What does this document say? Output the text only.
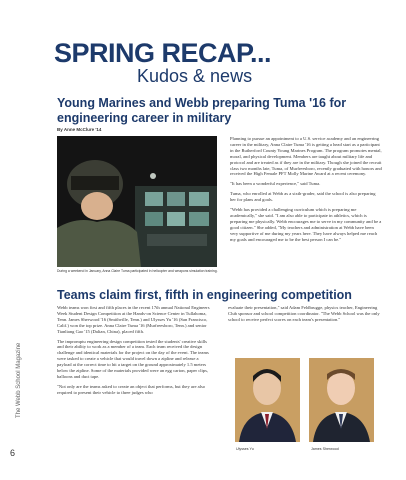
SPRING RECAP...
Kudos & news
Young Marines and Webb preparing Tuma '16 for engineering career in military
By Anne McClure '14
During a weekend in January, Anna Claire Tuma participated in helicopter and weapons simulation training.

Planning to pursue an appointment to a U.S. service academy and an engineering career in the military, Anna Claire Tuma '16 is getting a head start as a participant in the Rutherford County Young Marines Program. The program promotes mental, moral, and physical development. Members are taught about military life and protocol and are treated as if they are in the military. Though she joined the recruit class two months late, Tuma, of Murfreesboro, recently graduated with honors and received the High Female PFT Molly Marine Award at a recent ceremony.

"It has been a wonderful experience," said Tuma.

Tuma, who enrolled at Webb as a sixth-grader, said the school is also preparing her for plans and goals.

"Webb has provided a challenging curriculum which is preparing me academically," she said. "I am also able to participate in athletics, which is preparing me physically. Webb encourages me to serve in my community and be a good citizen." She added, "My teachers and administration at Webb have been very supportive of me during my years here. They have always helped me reach my goals and encouraged me to be the best person I can be."

Teams claim first, fifth in engineering competition

Webb teams won first and fifth places in the recent 17th annual National Engineers Week Student Design Competition at the Hands-on Science Center in Tullahoma, Tenn. James Sherwood '16 (Smithville, Tenn.) and Ulysses Yu '16 (San Francisco, Calif.) won the top prize. Anna Claire Tuma '16 (Murfreesboro, Tenn.) and senior Tianliang Gao '15 (Dalian, China), placed fifth.

The impromptu engineering design competition tested the students' creative skills and their ability to work as a member of a team. Each team received the design challenge and identical materials for the project on the day of the event. The teams were tasked to create a vehicle that would travel down a zipline and release a payload at the correct time to hit a target on the ground approximately 1.5 meters below the zipline. Some of the materials provided were an egg carton, paper clips, balloons and duct tape.

"Not only are the teams asked to create an object that performs, but they are also required to present their vehicle to three judges who

evaluate their presentation," said Adam Feldbrugge, physics teacher, Engineering Club sponsor and school competition coordinator. "The Webb School was the only school to receive perfect scores on each team's presentation."

Ulysses Yu	James Sherwood
The Webb School Magazine
6
